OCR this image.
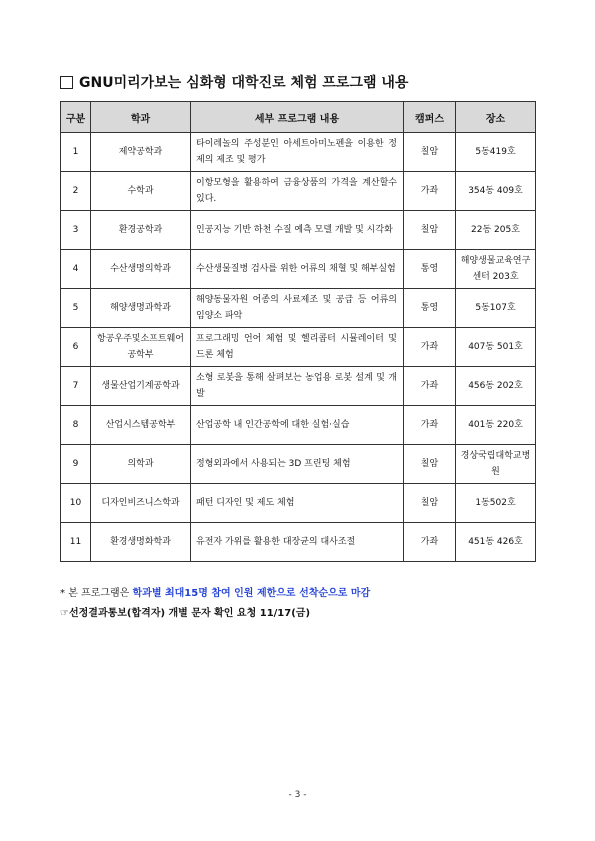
GNU미리가보는 심화형 대학진로 체험 프로그램 내용
구분	학과	세부 프로그램 내용	캠퍼스	장소
1	제약공학과	타이레놀의 주성분인 아세트아미노펜을 이용한 정제의 제조 및 평가	칠암	5동419호
2	수학과	이항모형을 활용하여 금융상품의 가격을 계산할수 있다.	가좌	354동 409호
3	환경공학과	인공지능 기반 하천 수질 예측 모델 개발 및 시각화	칠암	22동 205호
4	수산생명의학과	수산생물질병 검사를 위한 어류의 채혈 및 해부실험	통영	해양생물교육연구센터 203호
5	해양생명과학과	해양동물자원 어종의 사료제조 및 공급 등 어류의 임양소 파악	통영	5동107호
6	항공우주및소프트웨어공학부	프로그래밍 언어 체험 및 헬리콥터 시뮬레이터 및 드론 체험	가좌	407동 501호
7	생물산업기계공학과	소형 로봇을 통해 살펴보는 농업용 로봇 설계 및 개발	가좌	456동 202호
8	산업시스템공학부	산업공학 내 인간공학에 대한 실험·실습	가좌	401동 220호
9	의학과	정형외과에서 사용되는 3D 프린팅 체험	칠암	경상국립대학교병원
10	디자인비즈니스학과	패턴 디자인 및 제도 체험	칠암	1동502호
11	환경생명화학과	유전자 가위를 활용한 대장균의 대사조절	가좌	451동 426호
* 본 프로그램은 학과별 최대15명 참여 인원 제한으로 선착순으로 마감
☞선정결과통보(합격자) 개별 문자 확인 요청 11/17(금)
- 3 -
